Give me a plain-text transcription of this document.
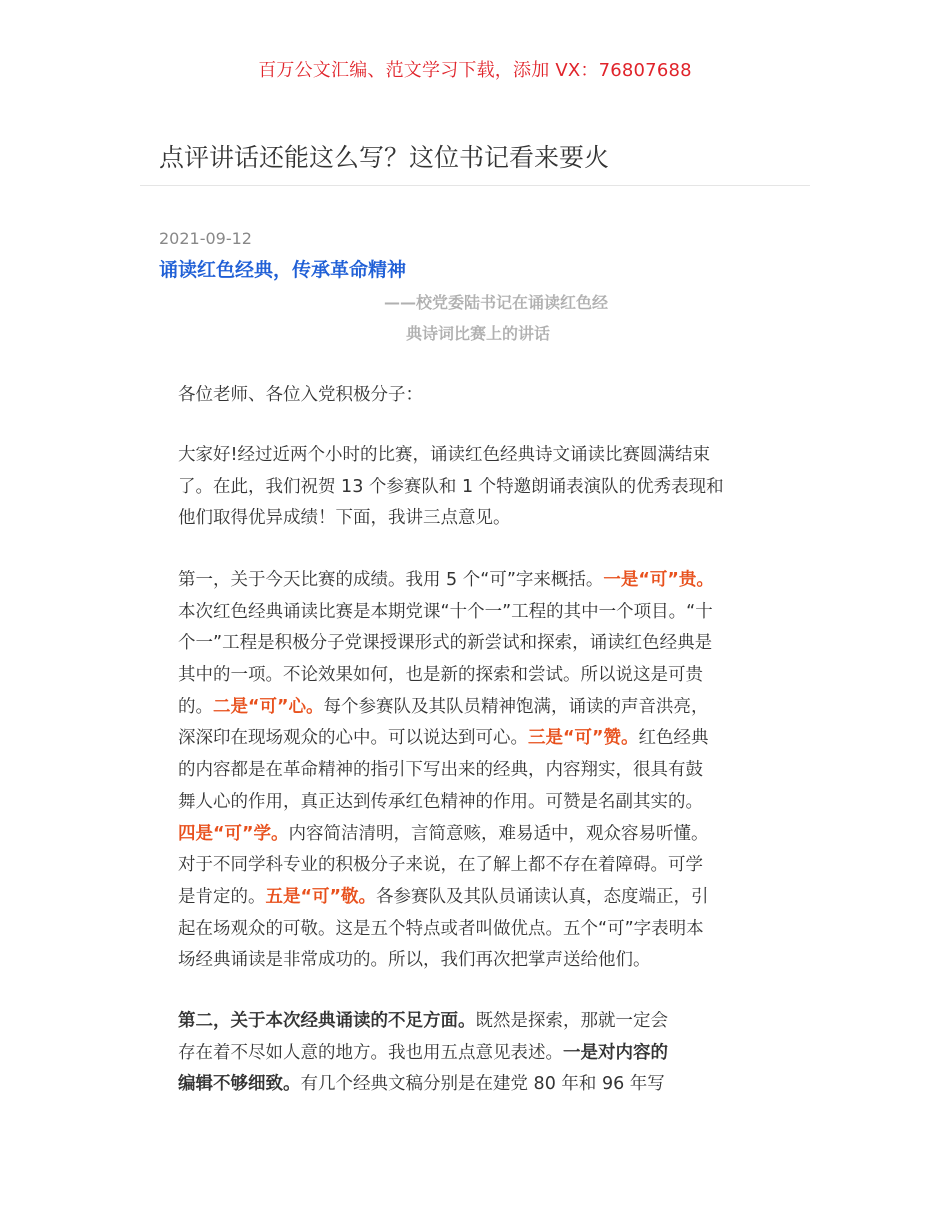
百万公文汇编、范文学习下载，添加 VX：76807688
点评讲话还能这么写？这位书记看来要火
2021-09-12
诵读红色经典，传承革命精神
——校党委陆书记在诵读红色经
典诗词比赛上的讲话
各位老师、各位入党积极分子：
大家好!经过近两个小时的比赛，诵读红色经典诗文诵读比赛圆满结束
了。在此，我们祝贺 13 个参赛队和 1 个特邀朗诵表演队的优秀表现和
他们取得优异成绩！下面，我讲三点意见。
第一，关于今天比赛的成绩。我用 5 个“可”字来概括。一是“可”贵。
本次红色经典诵读比赛是本期党课“十个一”工程的其中一个项目。“十
个一”工程是积极分子党课授课形式的新尝试和探索，诵读红色经典是
其中的一项。不论效果如何，也是新的探索和尝试。所以说这是可贵
的。二是“可”心。每个参赛队及其队员精神饱满，诵读的声音洪亮，
深深印在现场观众的心中。可以说达到可心。三是“可”赞。红色经典
的内容都是在革命精神的指引下写出来的经典，内容翔实，很具有鼓
舞人心的作用，真正达到传承红色精神的作用。可赞是名副其实的。
四是“可”学。内容简洁清明，言简意赅，难易适中，观众容易听懂。
对于不同学科专业的积极分子来说，在了解上都不存在着障碍。可学
是肯定的。五是“可”敬。各参赛队及其队员诵读认真，态度端正，引
起在场观众的可敬。这是五个特点或者叫做优点。五个“可”字表明本
场经典诵读是非常成功的。所以，我们再次把掌声送给他们。
第二，关于本次经典诵读的不足方面。既然是探索，那就一定会
存在着不尽如人意的地方。我也用五点意见表述。一是对内容的
编辑不够细致。有几个经典文稿分别是在建党 80 年和 96 年写
